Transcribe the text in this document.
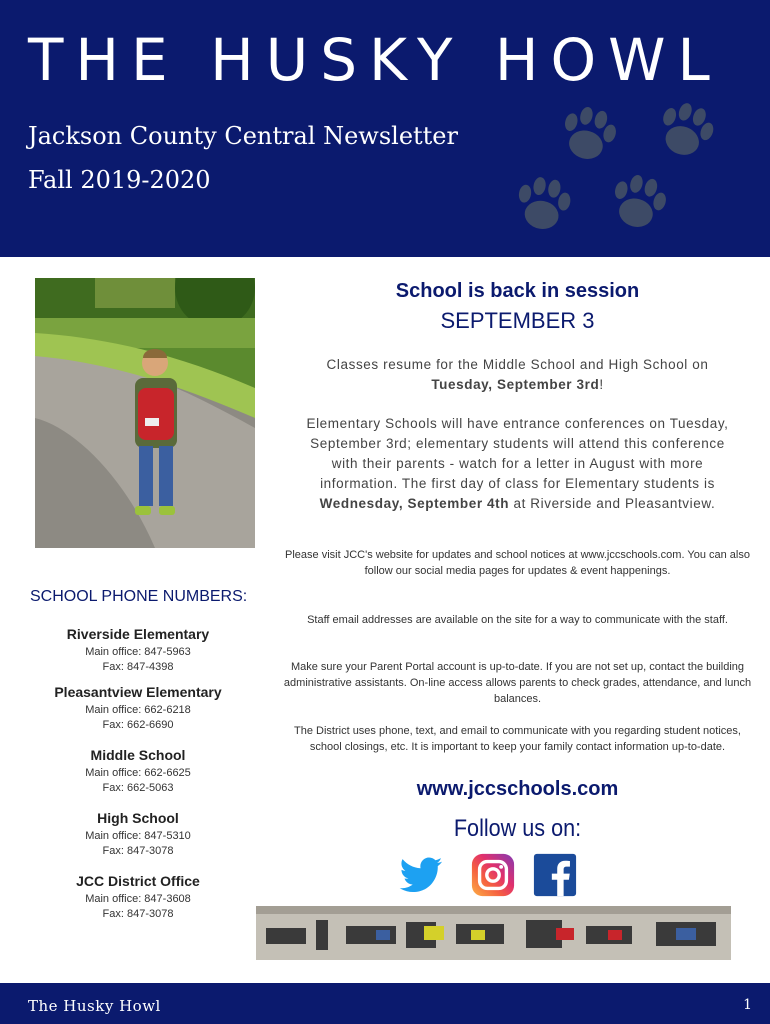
THE HUSKY HOWL
Jackson County Central Newsletter
Fall 2019-2020
SCHOOL PHONE NUMBERS:
Riverside Elementary
Main office: 847-5963
Fax: 847-4398
Pleasantview Elementary
Main office: 662-6218
Fax: 662-6690
Middle School
Main office: 662-6625
Fax: 662-5063
High School
Main office: 847-5310
Fax: 847-3078
JCC District Office
Main office: 847-3608
Fax: 847-3078
School is back in session
SEPTEMBER 3
Classes resume for the Middle School and High School on Tuesday, September 3rd!
Elementary Schools will have entrance conferences on Tuesday, September 3rd; elementary students will attend this conference with their parents - watch for a letter in August with more information. The first day of class for Elementary students is Wednesday, September 4th at Riverside and Pleasantview.
Please visit JCC's website for updates and school notices at www.jccschools.com. You can also follow our social media pages for updates & event happenings.
Staff email addresses are available on the site for a way to communicate with the staff.
Make sure your Parent Portal account is up-to-date. If you are not set up, contact the building administrative assistants. On-line access allows parents to check grades, attendance, and lunch balances.
The District uses phone, text, and email to communicate with you regarding student notices, school closings, etc. It is important to keep your family contact information up-to-date.
www.jccschools.com
Follow us on:
The Husky Howl	1
